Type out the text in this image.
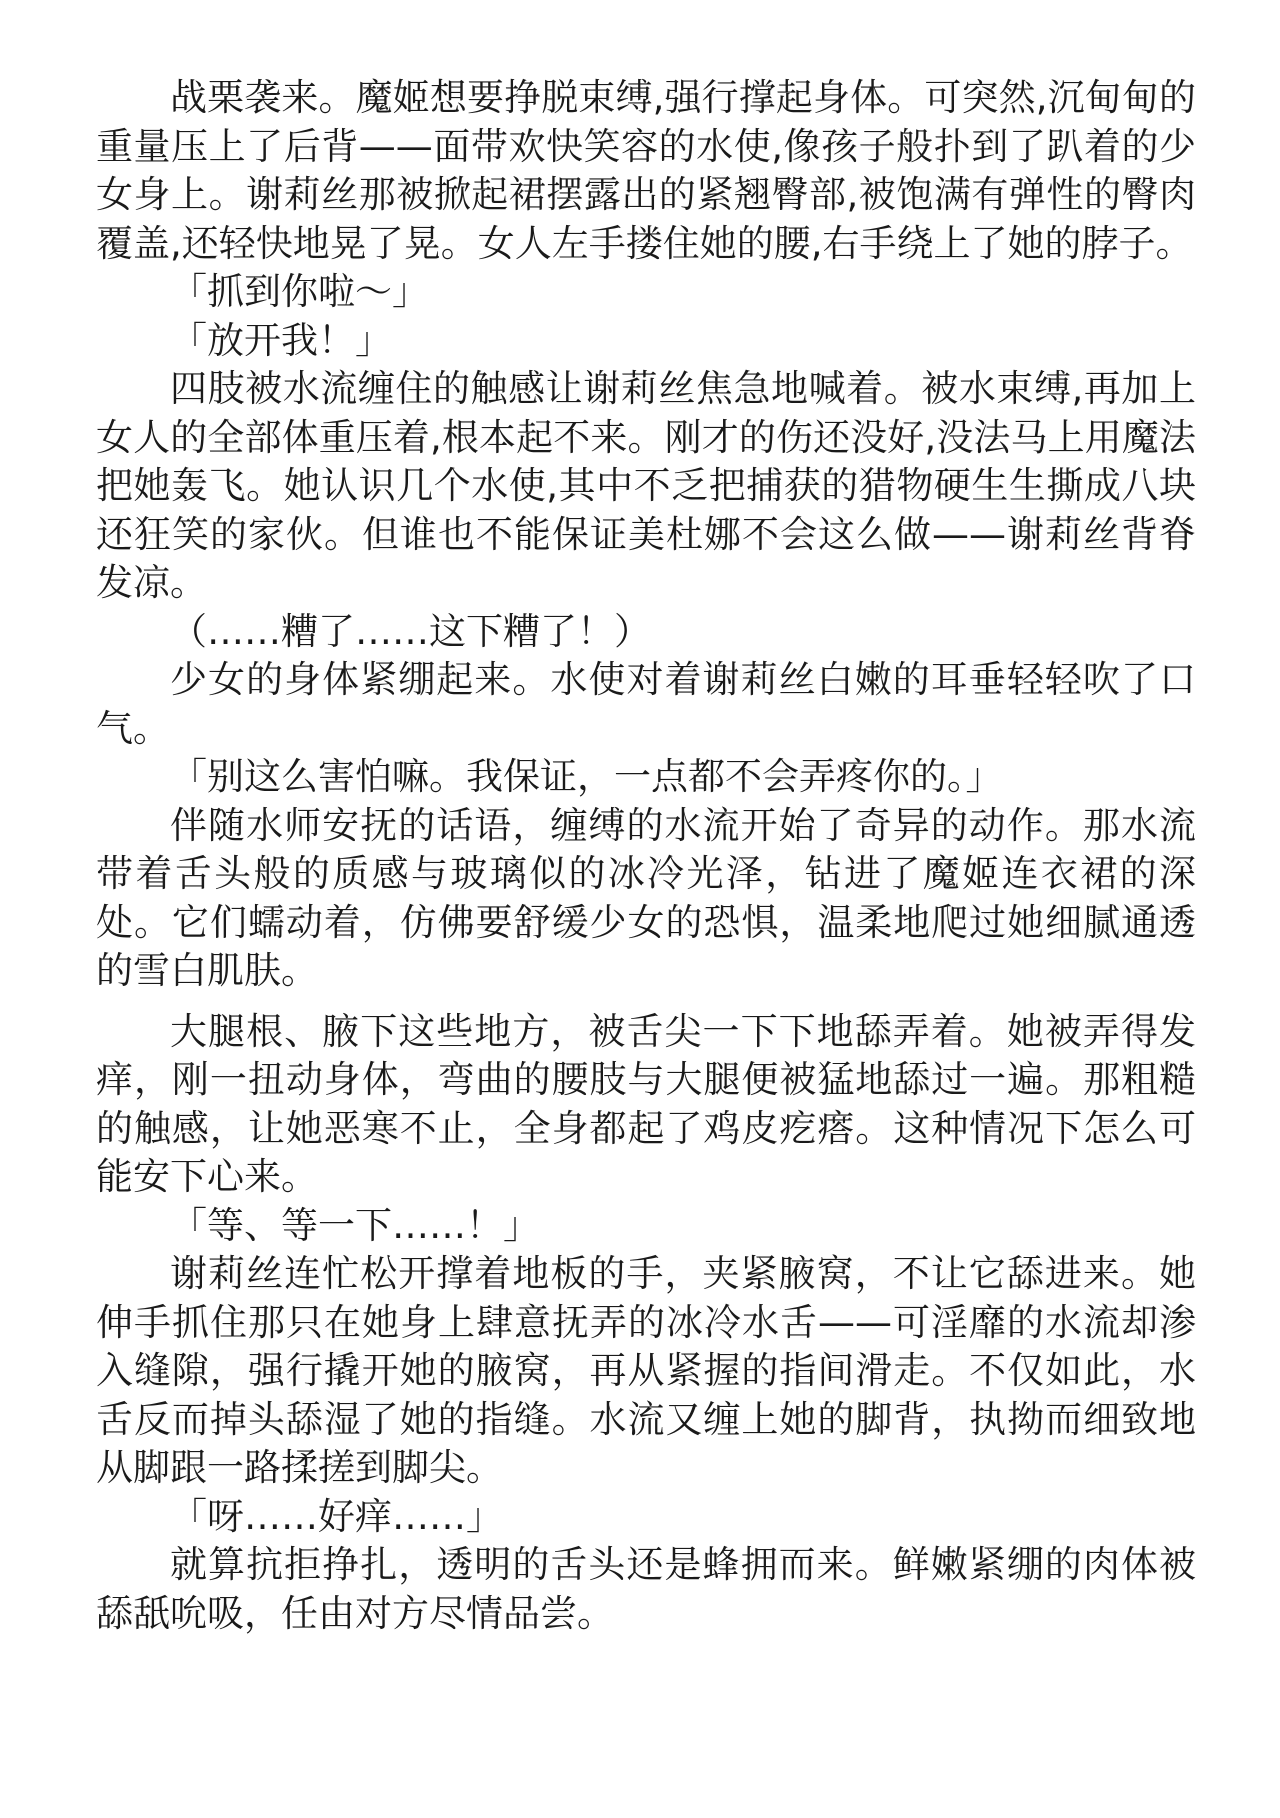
战栗袭来。魔姬想要挣脱束缚,强行撑起身体。可突然,沉甸甸的重量压上了后背——面带欢快笑容的水使,像孩子般扑到了趴着的少女身上。谢莉丝那被掀起裙摆露出的紧翘臀部,被饱满有弹性的臀肉覆盖,还轻快地晃了晃。女人左手搂住她的腰,右手绕上了她的脖子。

「抓到你啦～」

「放开我！」

四肢被水流缠住的触感让谢莉丝焦急地喊着。被水束缚,再加上女人的全部体重压着,根本起不来。刚才的伤还没好,没法马上用魔法把她轰飞。她认识几个水使,其中不乏把捕获的猎物硬生生撕成八块还狂笑的家伙。但谁也不能保证美杜娜不会这么做——谢莉丝背脊发凉。

（……糟了……这下糟了！）

少女的身体紧绷起来。水使对着谢莉丝白嫩的耳垂轻轻吹了口气。

「别这么害怕嘛。我保证，一点都不会弄疼你的。」

伴随水师安抚的话语，缠缚的水流开始了奇异的动作。那水流带着舌头般的质感与玻璃似的冰冷光泽，钻进了魔姬连衣裙的深处。它们蠕动着，仿佛要舒缓少女的恐惧，温柔地爬过她细腻通透的雪白肌肤。

大腿根、腋下这些地方，被舌尖一下下地舔弄着。她被弄得发痒，刚一扭动身体，弯曲的腰肢与大腿便被猛地舔过一遍。那粗糙的触感，让她恶寒不止，全身都起了鸡皮疙瘩。这种情况下怎么可能安下心来。

「等、等一下……！」

谢莉丝连忙松开撑着地板的手，夹紧腋窝，不让它舔进来。她伸手抓住那只在她身上肆意抚弄的冰冷水舌——可淫靡的水流却渗入缝隙，强行撬开她的腋窝，再从紧握的指间滑走。不仅如此，水舌反而掉头舔湿了她的指缝。水流又缠上她的脚背，执拗而细致地从脚跟一路揉搓到脚尖。

「呀……好痒……」

就算抗拒挣扎，透明的舌头还是蜂拥而来。鲜嫩紧绷的肉体被舔舐吮吸，任由对方尽情品尝。
